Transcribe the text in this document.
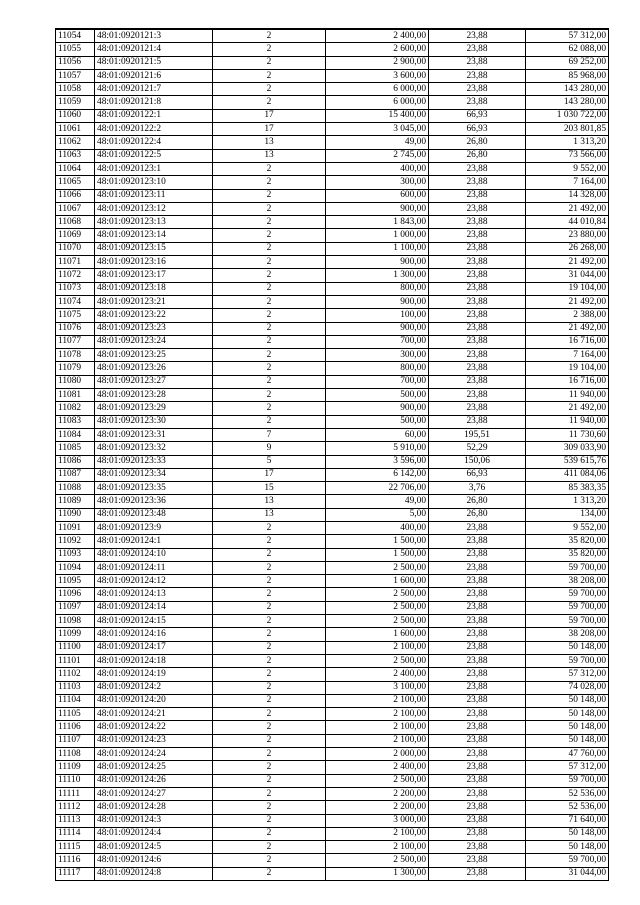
11054	48:01:0920121:3	2	2 400,00	23,88	57 312,00
11055	48:01:0920121:4	2	2 600,00	23,88	62 088,00
11056	48:01:0920121:5	2	2 900,00	23,88	69 252,00
11057	48:01:0920121:6	2	3 600,00	23,88	85 968,00
11058	48:01:0920121:7	2	6 000,00	23,88	143 280,00
11059	48:01:0920121:8	2	6 000,00	23,88	143 280,00
11060	48:01:0920122:1	17	15 400,00	66,93	1 030 722,00
11061	48:01:0920122:2	17	3 045,00	66,93	203 801,85
11062	48:01:0920122:4	13	49,00	26,80	1 313,20
11063	48:01:0920122:5	13	2 745,00	26,80	73 566,00
11064	48:01:0920123:1	2	400,00	23,88	9 552,00
11065	48:01:0920123:10	2	300,00	23,88	7 164,00
11066	48:01:0920123:11	2	600,00	23,88	14 328,00
11067	48:01:0920123:12	2	900,00	23,88	21 492,00
11068	48:01:0920123:13	2	1 843,00	23,88	44 010,84
11069	48:01:0920123:14	2	1 000,00	23,88	23 880,00
11070	48:01:0920123:15	2	1 100,00	23,88	26 268,00
11071	48:01:0920123:16	2	900,00	23,88	21 492,00
11072	48:01:0920123:17	2	1 300,00	23,88	31 044,00
11073	48:01:0920123:18	2	800,00	23,88	19 104,00
11074	48:01:0920123:21	2	900,00	23,88	21 492,00
11075	48:01:0920123:22	2	100,00	23,88	2 388,00
11076	48:01:0920123:23	2	900,00	23,88	21 492,00
11077	48:01:0920123:24	2	700,00	23,88	16 716,00
11078	48:01:0920123:25	2	300,00	23,88	7 164,00
11079	48:01:0920123:26	2	800,00	23,88	19 104,00
11080	48:01:0920123:27	2	700,00	23,88	16 716,00
11081	48:01:0920123:28	2	500,00	23,88	11 940,00
11082	48:01:0920123:29	2	900,00	23,88	21 492,00
11083	48:01:0920123:30	2	500,00	23,88	11 940,00
11084	48:01:0920123:31	7	60,00	195,51	11 730,60
11085	48:01:0920123:32	9	5 910,00	52,29	309 033,90
11086	48:01:0920123:33	5	3 596,00	150,06	539 615,76
11087	48:01:0920123:34	17	6 142,00	66,93	411 084,06
11088	48:01:0920123:35	15	22 706,00	3,76	85 383,35
11089	48:01:0920123:36	13	49,00	26,80	1 313,20
11090	48:01:0920123:48	13	5,00	26,80	134,00
11091	48:01:0920123:9	2	400,00	23,88	9 552,00
11092	48:01:0920124:1	2	1 500,00	23,88	35 820,00
11093	48:01:0920124:10	2	1 500,00	23,88	35 820,00
11094	48:01:0920124:11	2	2 500,00	23,88	59 700,00
11095	48:01:0920124:12	2	1 600,00	23,88	38 208,00
11096	48:01:0920124:13	2	2 500,00	23,88	59 700,00
11097	48:01:0920124:14	2	2 500,00	23,88	59 700,00
11098	48:01:0920124:15	2	2 500,00	23,88	59 700,00
11099	48:01:0920124:16	2	1 600,00	23,88	38 208,00
11100	48:01:0920124:17	2	2 100,00	23,88	50 148,00
11101	48:01:0920124:18	2	2 500,00	23,88	59 700,00
11102	48:01:0920124:19	2	2 400,00	23,88	57 312,00
11103	48:01:0920124:2	2	3 100,00	23,88	74 028,00
11104	48:01:0920124:20	2	2 100,00	23,88	50 148,00
11105	48:01:0920124:21	2	2 100,00	23,88	50 148,00
11106	48:01:0920124:22	2	2 100,00	23,88	50 148,00
11107	48:01:0920124:23	2	2 100,00	23,88	50 148,00
11108	48:01:0920124:24	2	2 000,00	23,88	47 760,00
11109	48:01:0920124:25	2	2 400,00	23,88	57 312,00
11110	48:01:0920124:26	2	2 500,00	23,88	59 700,00
11111	48:01:0920124:27	2	2 200,00	23,88	52 536,00
11112	48:01:0920124:28	2	2 200,00	23,88	52 536,00
11113	48:01:0920124:3	2	3 000,00	23,88	71 640,00
11114	48:01:0920124:4	2	2 100,00	23,88	50 148,00
11115	48:01:0920124:5	2	2 100,00	23,88	50 148,00
11116	48:01:0920124:6	2	2 500,00	23,88	59 700,00
11117	48:01:0920124:8	2	1 300,00	23,88	31 044,00
